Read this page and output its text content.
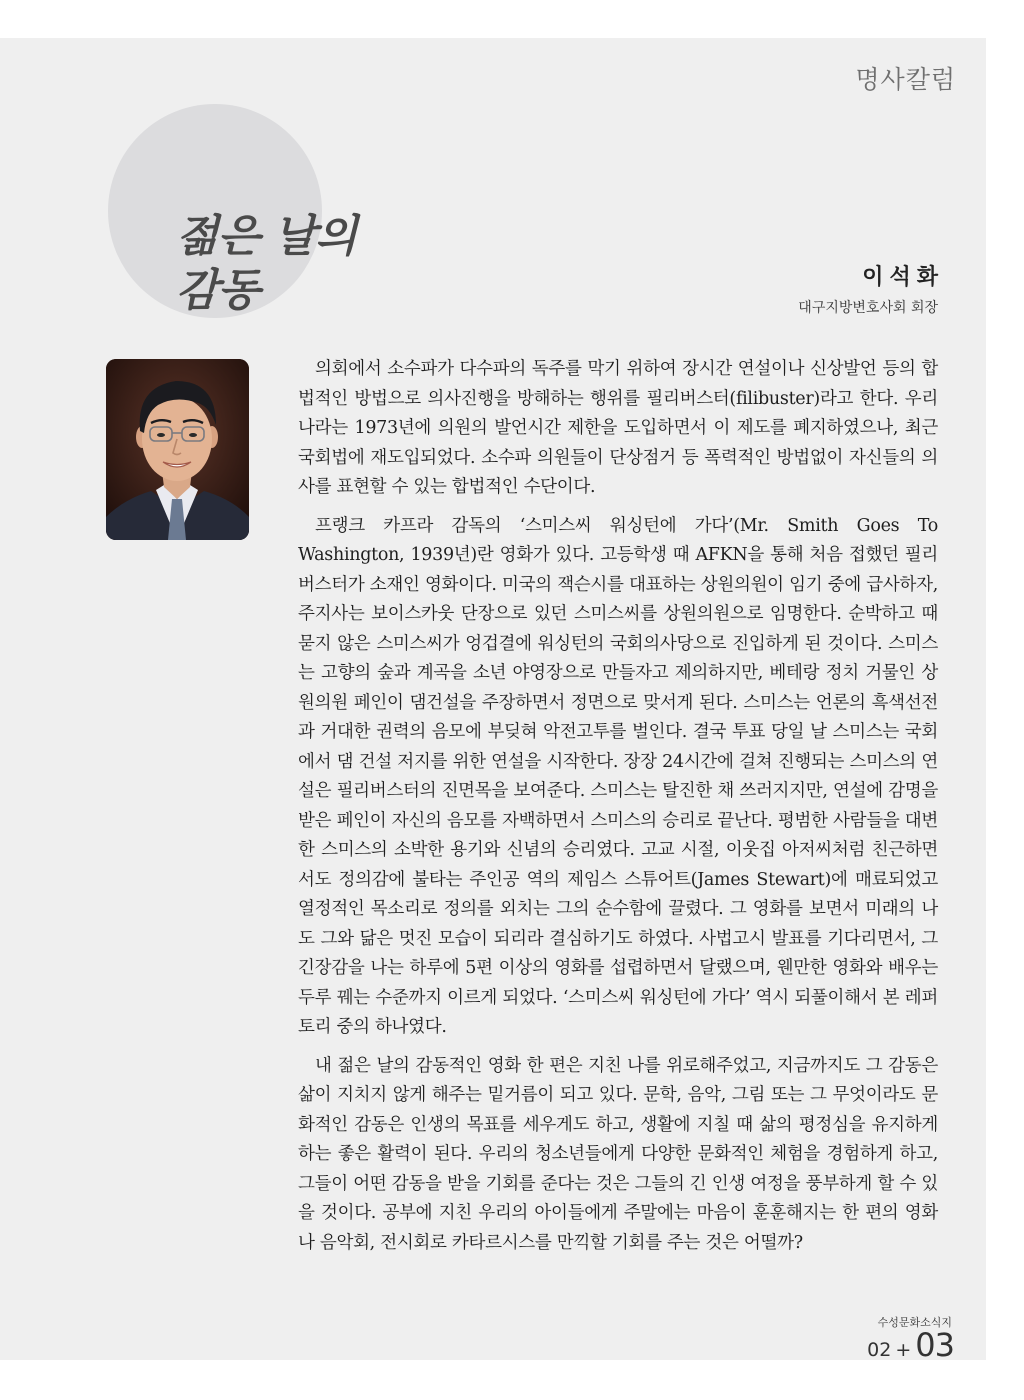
명사칼럼
젊은 날의
감동	이석화
대구지방변호사회 회장

의회에서 소수파가 다수파의 독주를 막기 위하여 장시간 연설이나 신상발언 등의 합법적인 방법으로 의사진행을 방해하는 행위를 필리버스터(filibuster)라고 한다. 우리나라는 1973년에 의원의 발언시간 제한을 도입하면서 이 제도를 폐지하였으나, 최근 국회법에 재도입되었다. 소수파 의원들이 단상점거 등 폭력적인 방법없이 자신들의 의사를 표현할 수 있는 합법적인 수단이다.

프랭크 카프라 감독의 ‘스미스씨 워싱턴에 가다’(Mr. Smith Goes To Washington, 1939년)란 영화가 있다. 고등학생 때 AFKN을 통해 처음 접했던 필리버스터가 소재인 영화이다. 미국의 잭슨시를 대표하는 상원의원이 임기 중에 급사하자, 주지사는 보이스카웃 단장으로 있던 스미스씨를 상원의원으로 임명한다. 순박하고 때 묻지 않은 스미스씨가 엉겁결에 워싱턴의 국회의사당으로 진입하게 된 것이다. 스미스는 고향의 숲과 계곡을 소년 야영장으로 만들자고 제의하지만, 베테랑 정치 거물인 상원의원 페인이 댐건설을 주장하면서 정면으로 맞서게 된다. 스미스는 언론의 흑색선전과 거대한 권력의 음모에 부딪혀 악전고투를 벌인다. 결국 투표 당일 날 스미스는 국회에서 댐 건설 저지를 위한 연설을 시작한다. 장장 24시간에 걸쳐 진행되는 스미스의 연설은 필리버스터의 진면목을 보여준다. 스미스는 탈진한 채 쓰러지지만, 연설에 감명을 받은 페인이 자신의 음모를 자백하면서 스미스의 승리로 끝난다. 평범한 사람들을 대변한 스미스의 소박한 용기와 신념의 승리였다. 고교 시절, 이웃집 아저씨처럼 친근하면서도 정의감에 불타는 주인공 역의 제임스 스튜어트(James Stewart)에 매료되었고 열정적인 목소리로 정의를 외치는 그의 순수함에 끌렸다. 그 영화를 보면서 미래의 나도 그와 닮은 멋진 모습이 되리라 결심하기도 하였다. 사법고시 발표를 기다리면서, 그 긴장감을 나는 하루에 5편 이상의 영화를 섭렵하면서 달랬으며, 웬만한 영화와 배우는 두루 꿰는 수준까지 이르게 되었다. ‘스미스씨 워싱턴에 가다’ 역시 되풀이해서 본 레퍼토리 중의 하나였다.

내 젊은 날의 감동적인 영화 한 편은 지친 나를 위로해주었고, 지금까지도 그 감동은 삶이 지치지 않게 해주는 밑거름이 되고 있다. 문학, 음악, 그림 또는 그 무엇이라도 문화적인 감동은 인생의 목표를 세우게도 하고, 생활에 지칠 때 삶의 평정심을 유지하게 하는 좋은 활력이 된다. 우리의 청소년들에게 다양한 문화적인 체험을 경험하게 하고, 그들이 어떤 감동을 받을 기회를 준다는 것은 그들의 긴 인생 여정을 풍부하게 할 수 있을 것이다. 공부에 지친 우리의 아이들에게 주말에는 마음이 훈훈해지는 한 편의 영화나 음악회, 전시회로 카타르시스를 만끽할 기회를 주는 것은 어떨까?

수성문화소식지
02 + 03
